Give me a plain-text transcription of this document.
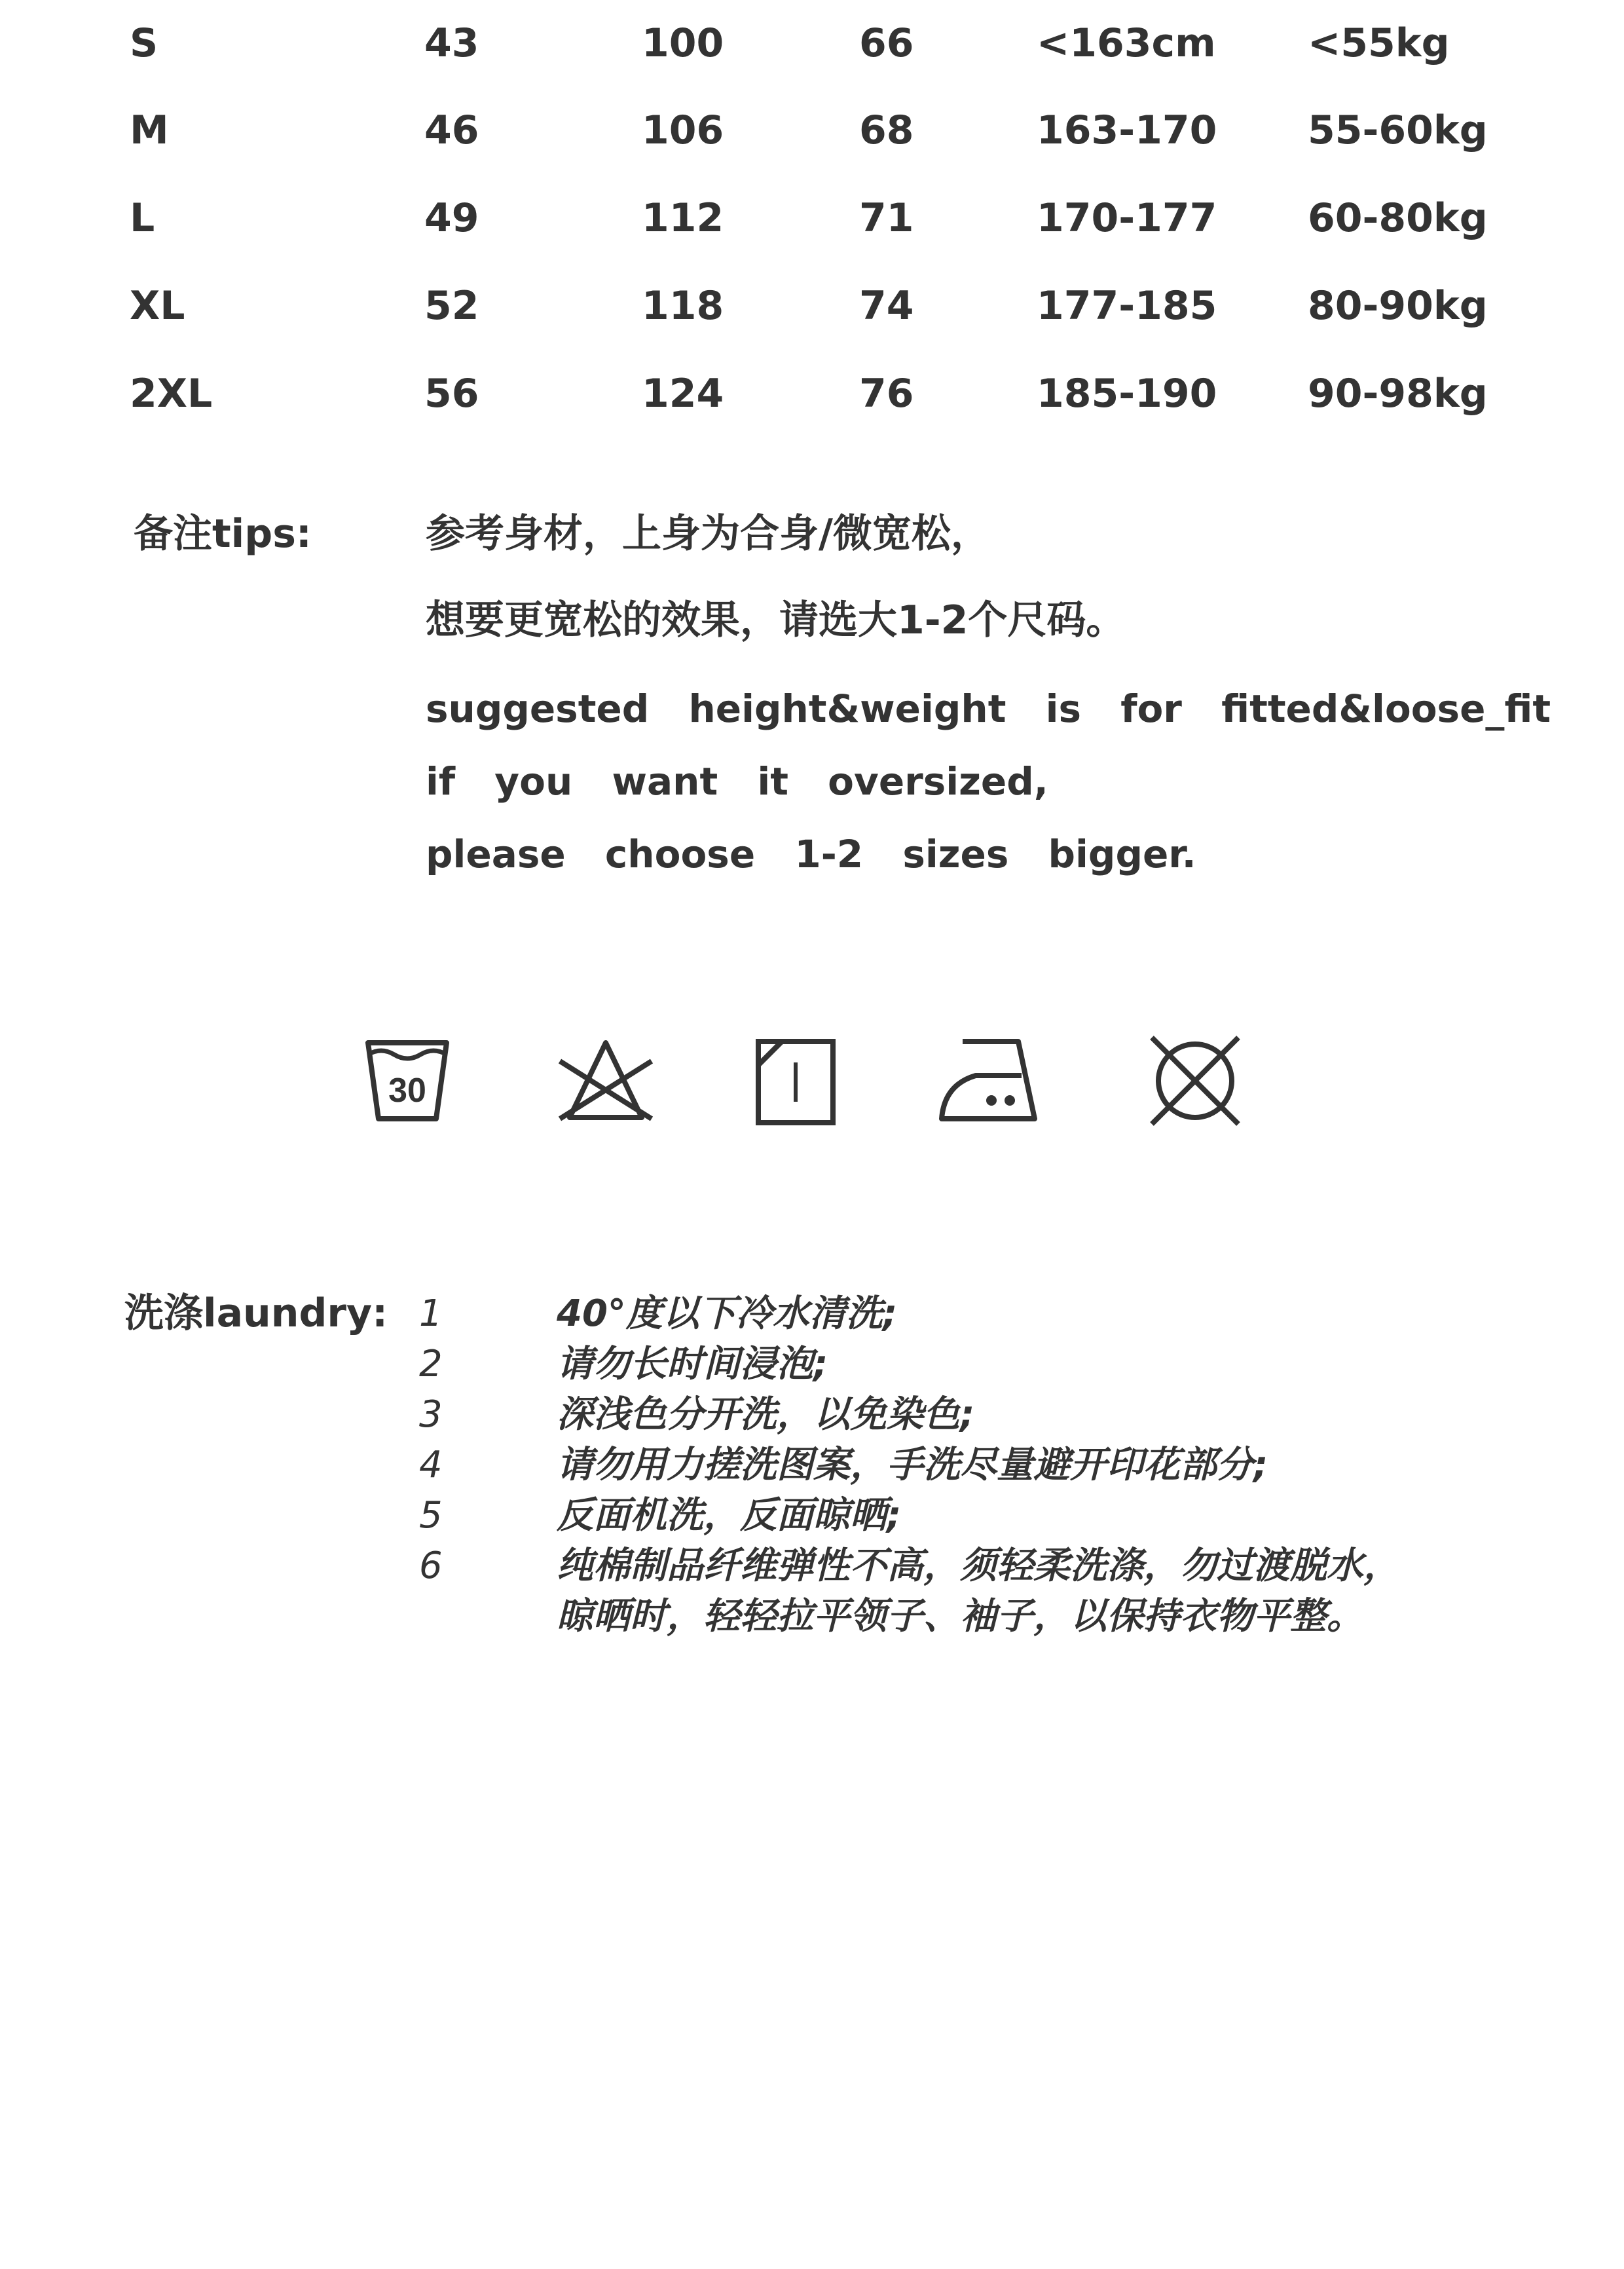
S	43	100	66	<163cm <55kg
M	46	106	68	163-170 55-60kg
L	49	112	71	170-177 60-80kg
XL	52	118	74	177-185 80-90kg
2XL	56	124	76	185-190 90-98kg
备注tips:	参考身材，上身为合身/微宽松，
想要更宽松的效果，请选大1-2个尺码。
suggested height&weight is for fitted&loose_fit
if you want it oversized,
please choose 1-2 sizes bigger.
30
洗涤laundry: 1	40°度以下冷水清洗;
2	请勿长时间浸泡;
3	深浅色分开洗，以免染色;
4	请勿用力搓洗图案，手洗尽量避开印花部分;
5	反面机洗，反面晾晒;
6	纯棉制品纤维弹性不高，须轻柔洗涤，勿过渡脱水，
晾晒时，轻轻拉平领子、袖子，以保持衣物平整。
